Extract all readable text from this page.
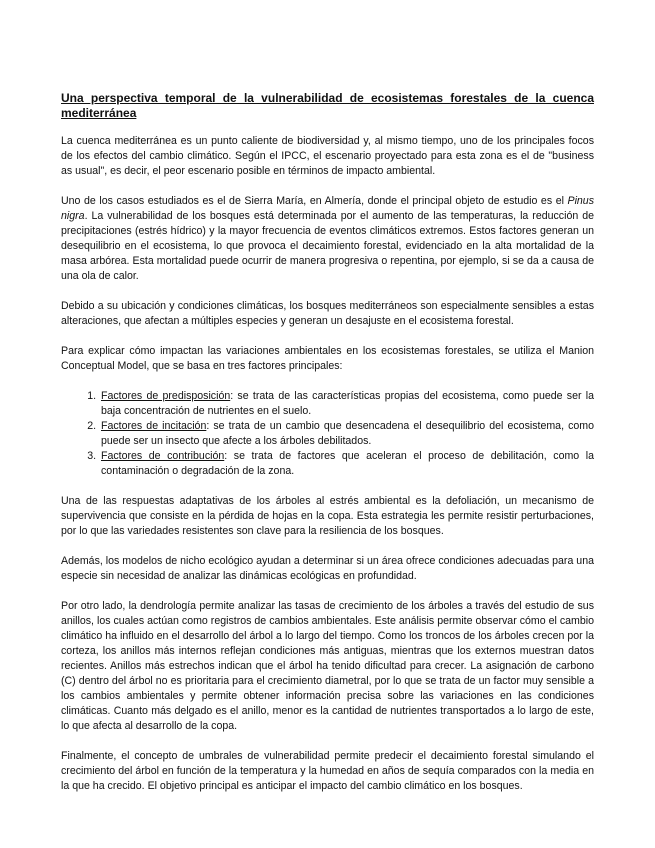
Una perspectiva temporal de la vulnerabilidad de ecosistemas forestales de la cuenca mediterránea

La cuenca mediterránea es un punto caliente de biodiversidad y, al mismo tiempo, uno de los principales focos de los efectos del cambio climático. Según el IPCC, el escenario proyectado para esta zona es el de "business as usual", es decir, el peor escenario posible en términos de impacto ambiental.

Uno de los casos estudiados es el de Sierra María, en Almería, donde el principal objeto de estudio es el Pinus nigra. La vulnerabilidad de los bosques está determinada por el aumento de las temperaturas, la reducción de precipitaciones (estrés hídrico) y la mayor frecuencia de eventos climáticos extremos. Estos factores generan un desequilibrio en el ecosistema, lo que provoca el decaimiento forestal, evidenciado en la alta mortalidad de la masa arbórea. Esta mortalidad puede ocurrir de manera progresiva o repentina, por ejemplo, si se da a causa de una ola de calor.

Debido a su ubicación y condiciones climáticas, los bosques mediterráneos son especialmente sensibles a estas alteraciones, que afectan a múltiples especies y generan un desajuste en el ecosistema forestal.

Para explicar cómo impactan las variaciones ambientales en los ecosistemas forestales, se utiliza el Manion Conceptual Model, que se basa en tres factores principales:

1. Factores de predisposición: se trata de las características propias del ecosistema, como puede ser la baja concentración de nutrientes en el suelo.
2. Factores de incitación: se trata de un cambio que desencadena el desequilibrio del ecosistema, como puede ser un insecto que afecte a los árboles debilitados.
3. Factores de contribución: se trata de factores que aceleran el proceso de debilitación, como la contaminación o degradación de la zona.

Una de las respuestas adaptativas de los árboles al estrés ambiental es la defoliación, un mecanismo de supervivencia que consiste en la pérdida de hojas en la copa. Esta estrategia les permite resistir perturbaciones, por lo que las variedades resistentes son clave para la resiliencia de los bosques.

Además, los modelos de nicho ecológico ayudan a determinar si un área ofrece condiciones adecuadas para una especie sin necesidad de analizar las dinámicas ecológicas en profundidad.

Por otro lado, la dendrología permite analizar las tasas de crecimiento de los árboles a través del estudio de sus anillos, los cuales actúan como registros de cambios ambientales. Este análisis permite observar cómo el cambio climático ha influido en el desarrollo del árbol a lo largo del tiempo. Como los troncos de los árboles crecen por la corteza, los anillos más internos reflejan condiciones más antiguas, mientras que los externos muestran datos recientes. Anillos más estrechos indican que el árbol ha tenido dificultad para crecer. La asignación de carbono (C) dentro del árbol no es prioritaria para el crecimiento diametral, por lo que se trata de un factor muy sensible a los cambios ambientales y permite obtener información precisa sobre las variaciones en las condiciones climáticas. Cuanto más delgado es el anillo, menor es la cantidad de nutrientes transportados a lo largo de este, lo que afecta al desarrollo de la copa.

Finalmente, el concepto de umbrales de vulnerabilidad permite predecir el decaimiento forestal simulando el crecimiento del árbol en función de la temperatura y la humedad en años de sequía comparados con la media en la que ha crecido. El objetivo principal es anticipar el impacto del cambio climático en los bosques.
